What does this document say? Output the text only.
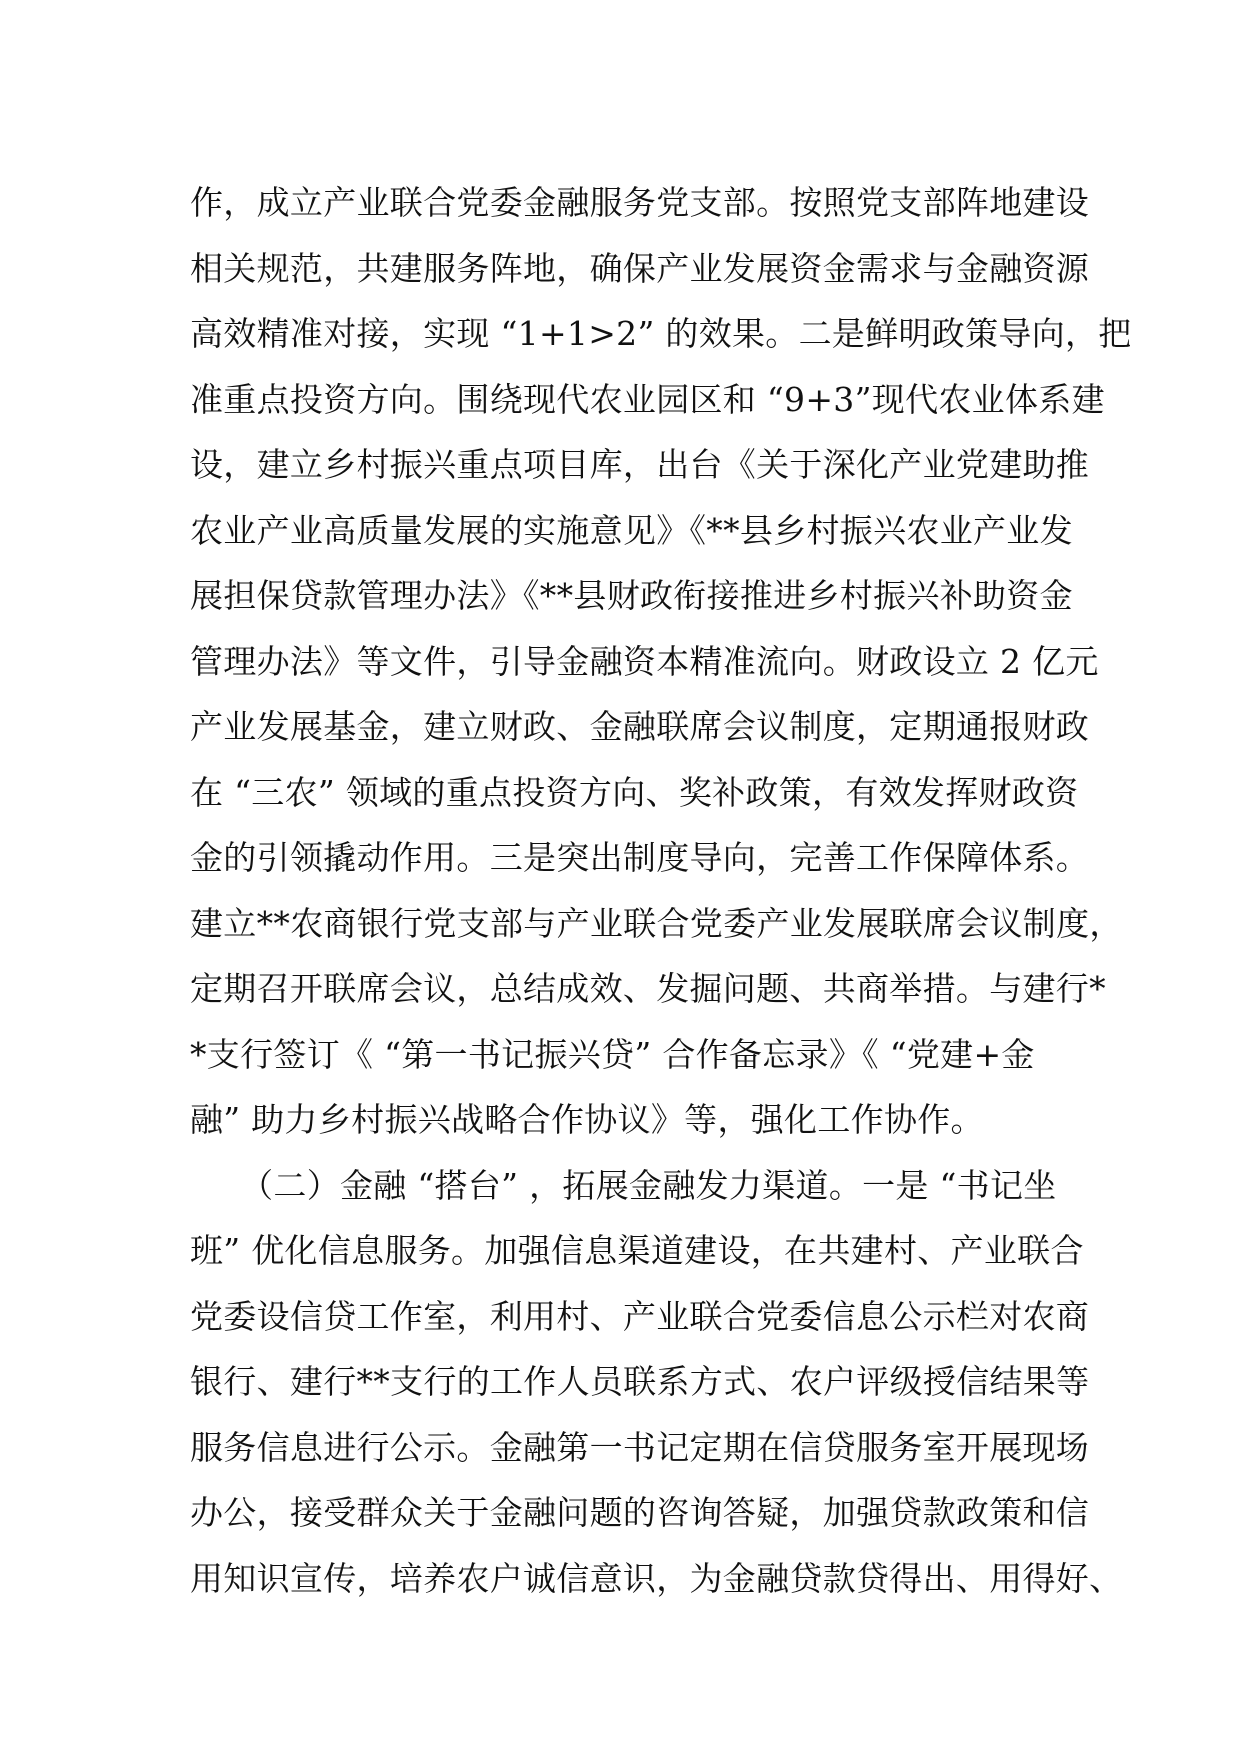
作，成立产业联合党委金融服务党支部。按照党支部阵地建设
相关规范，共建服务阵地，确保产业发展资金需求与金融资源
高效精准对接，实现 “1+1>2” 的效果。二是鲜明政策导向，把
准重点投资方向。围绕现代农业园区和 “9+3”现代农业体系建
设，建立乡村振兴重点项目库，出台《关于深化产业党建助推
农业产业高质量发展的实施意见》《**县乡村振兴农业产业发
展担保贷款管理办法》《**县财政衔接推进乡村振兴补助资金
管理办法》等文件，引导金融资本精准流向。财政设立 2 亿元
产业发展基金，建立财政、金融联席会议制度，定期通报财政
在 “三农” 领域的重点投资方向、奖补政策，有效发挥财政资
金的引领撬动作用。三是突出制度导向，完善工作保障体系。
建立**农商银行党支部与产业联合党委产业发展联席会议制度，
定期召开联席会议，总结成效、发掘问题、共商举措。与建行*
*支行签订《 “第一书记振兴贷” 合作备忘录》《 “党建+金
融” 助力乡村振兴战略合作协议》等，强化工作协作。
　　（二）金融 “搭台” ，拓展金融发力渠道。一是 “书记坐
班” 优化信息服务。加强信息渠道建设，在共建村、产业联合
党委设信贷工作室，利用村、产业联合党委信息公示栏对农商
银行、建行**支行的工作人员联系方式、农户评级授信结果等
服务信息进行公示。金融第一书记定期在信贷服务室开展现场
办公，接受群众关于金融问题的咨询答疑，加强贷款政策和信
用知识宣传，培养农户诚信意识，为金融贷款贷得出、用得好、
